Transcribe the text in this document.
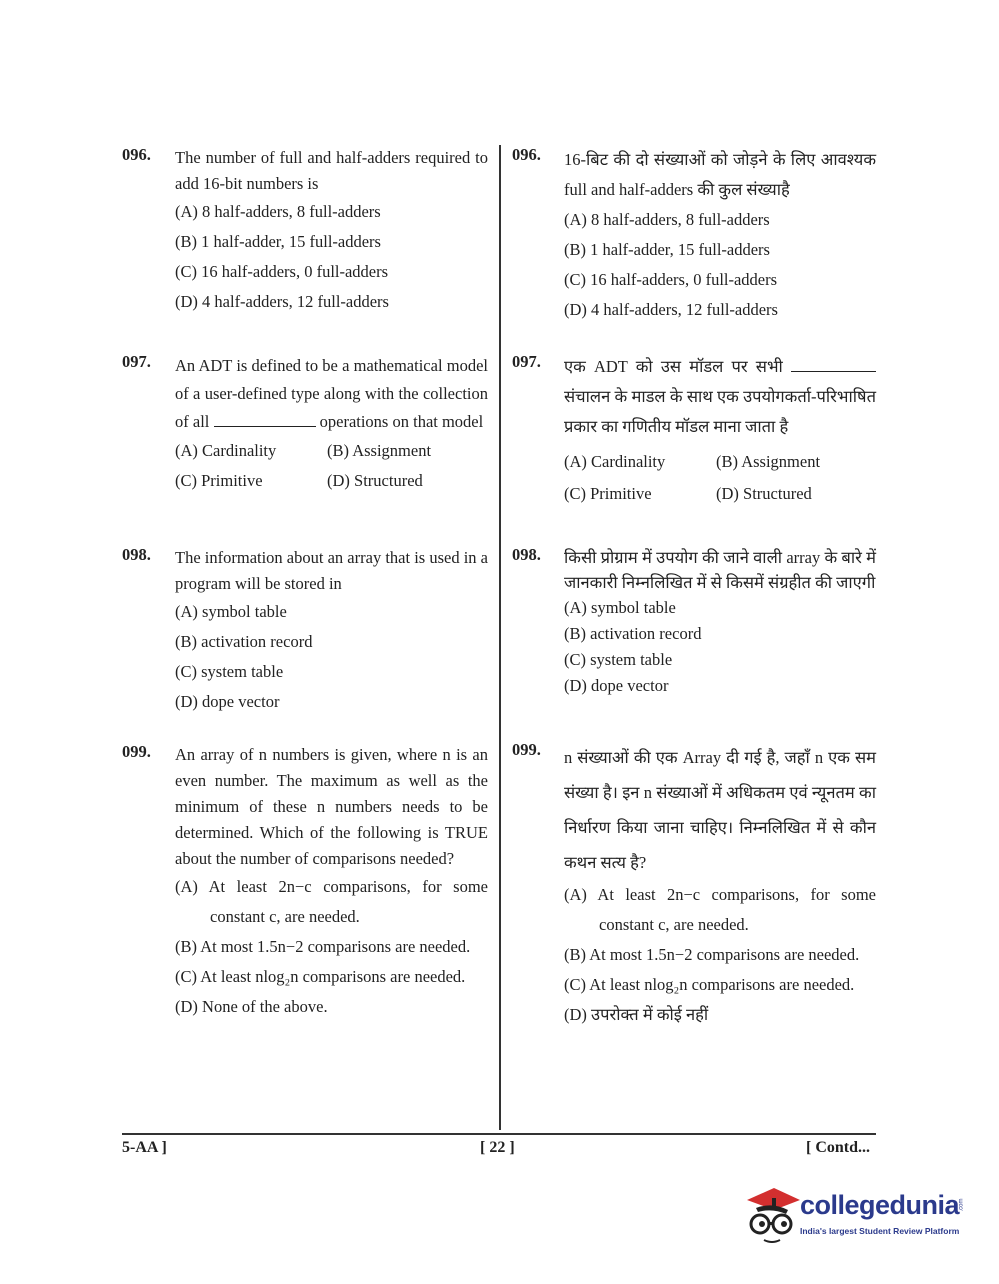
096. The number of full and half-adders required to add 16-bit numbers is
(A) 8 half-adders, 8 full-adders
(B) 1 half-adder, 15 full-adders
(C) 16 half-adders, 0 full-adders
(D) 4 half-adders, 12 full-adders
097. An ADT is defined to be a mathematical model of a user-defined type along with the collection of all	operations on that model
(A) Cardinality	(B) Assignment
(C) Primitive	(D) Structured
098. The information about an array that is used in a program will be stored in
(A) symbol table
(B) activation record
(C) system table
(D) dope vector
099. An array of n numbers is given, where n is an even number. The maximum as well as the minimum of these n numbers needs to be determined. Which of the following is TRUE about the number of comparisons needed?
(A) At least 2n−c comparisons, for some constant c, are needed.
(B) At most 1.5n−2 comparisons are needed.
(C) At least nlog₂n comparisons are needed.
(D) None of the above.
096. 16-बिट की दो संख्याओं को जोड़ने के लिए आवश्यक full and half-adders की कुल संख्याहै
(A) 8 half-adders, 8 full-adders
(B) 1 half-adder, 15 full-adders
(C) 16 half-adders, 0 full-adders
(D) 4 half-adders, 12 full-adders
097. एक ADT को उस मॉडल पर सभी  संचालन के माडल के साथ एक उपयोगकर्ता-परिभाषित प्रकार का गणितीय मॉडल माना जाता है
(A) Cardinality	(B) Assignment
(C) Primitive	(D) Structured
098. किसी प्रोग्राम में उपयोग की जाने वाली array के बारे में जानकारी निम्नलिखित में से किसमें संग्रहीत की जाएगी
(A) symbol table
(B) activation record
(C) system table
(D) dope vector
099. n संख्याओं की एक Array दी गई है, जहाँ n एक सम संख्या है। इन n संख्याओं में अधिकतम एवं न्यूनतम का निर्धारण किया जाना चाहिए। निम्नलिखित में से कौन कथन सत्य है?
(A) At least 2n−c comparisons, for some constant c, are needed.
(B) At most 1.5n−2 comparisons are needed.
(C) At least nlog₂n comparisons are needed.
(D) उपरोक्त में कोई नहीं
5-AA ]	[ 22 ]	[ Contd...
collegedunia .com
India's largest Student Review Platform
